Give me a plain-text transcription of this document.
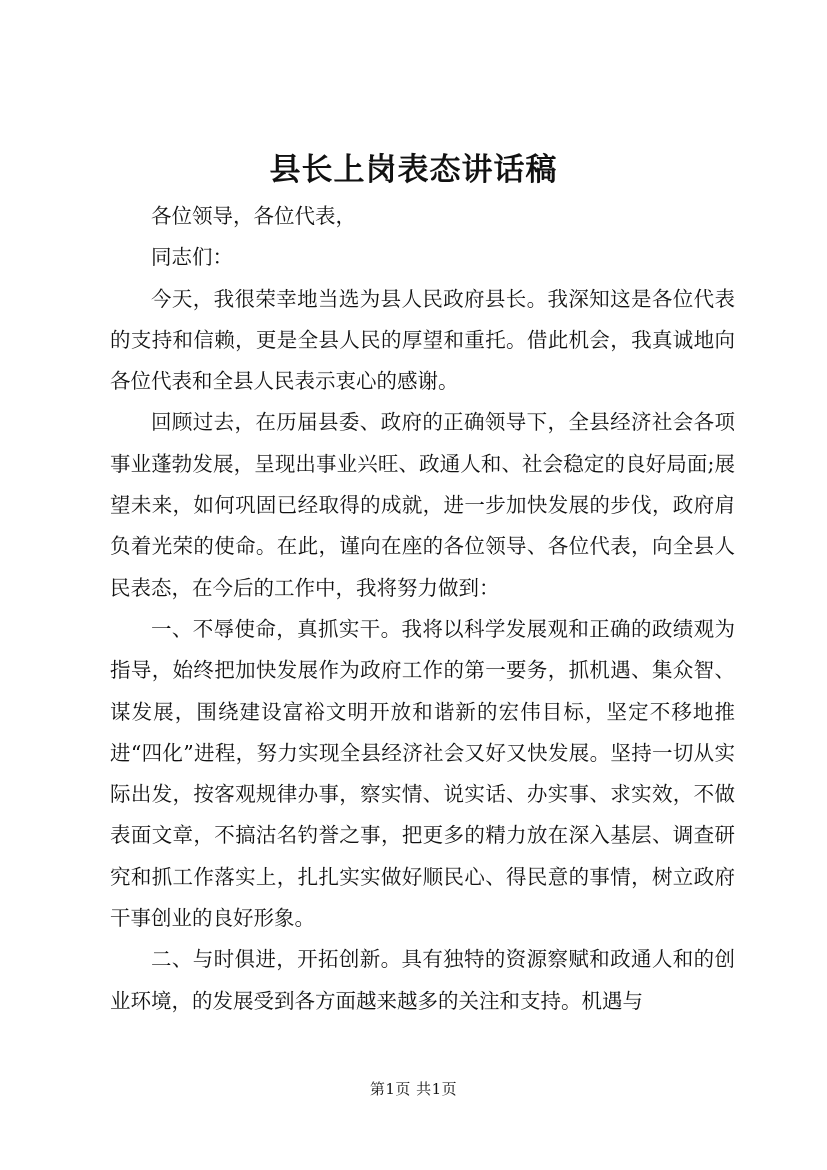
县长上岗表态讲话稿

各位领导，各位代表，

同志们：

今天，我很荣幸地当选为县人民政府县长。我深知这是各位代表的支持和信赖，更是全县人民的厚望和重托。借此机会，我真诚地向各位代表和全县人民表示衷心的感谢。

回顾过去，在历届县委、政府的正确领导下，全县经济社会各项事业蓬勃发展，呈现出事业兴旺、政通人和、社会稳定的良好局面;展望未来，如何巩固已经取得的成就，进一步加快发展的步伐，政府肩负着光荣的使命。在此，谨向在座的各位领导、各位代表，向全县人民表态，在今后的工作中，我将努力做到：

一、不辱使命，真抓实干。我将以科学发展观和正确的政绩观为指导，始终把加快发展作为政府工作的第一要务，抓机遇、集众智、谋发展，围绕建设富裕文明开放和谐新的宏伟目标，坚定不移地推进“四化”进程，努力实现全县经济社会又好又快发展。坚持一切从实际出发，按客观规律办事，察实情、说实话、办实事、求实效，不做表面文章，不搞沽名钓誉之事，把更多的精力放在深入基层、调查研究和抓工作落实上，扎扎实实做好顺民心、得民意的事情，树立政府干事创业的良好形象。

二、与时俱进，开拓创新。具有独特的资源察赋和政通人和的创业环境，的发展受到各方面越来越多的关注和支持。机遇与

第1页 共1页
